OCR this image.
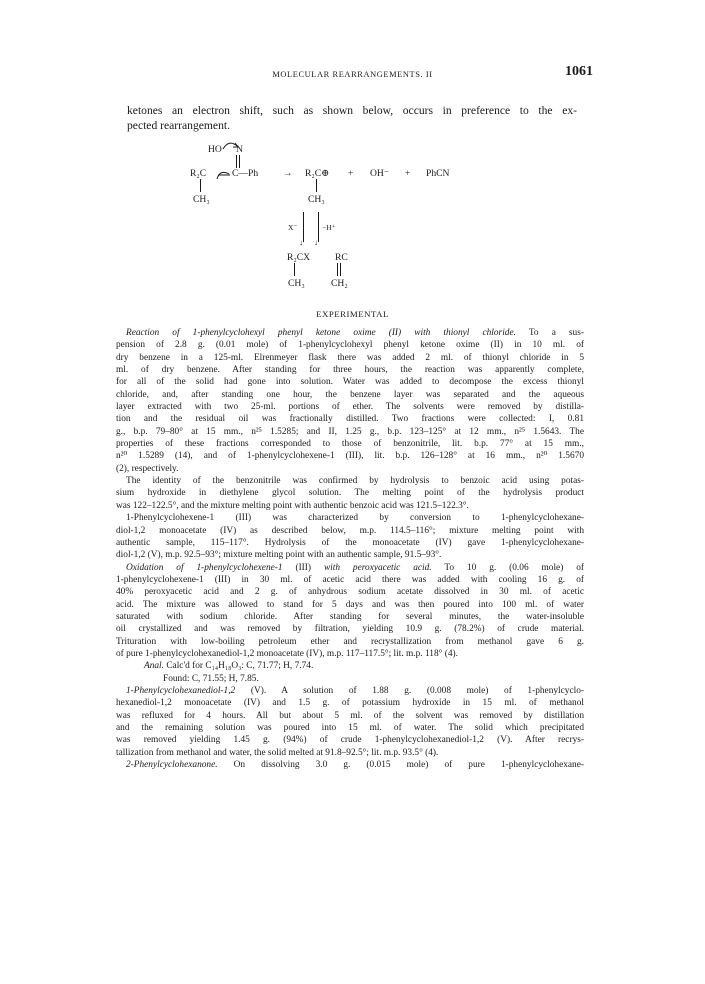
MOLECULAR REARRANGEMENTS. II	1061
ketones an electron shift, such as shown below, occurs in preference to the ex-
pected rearrangement.
HO N
R₂C	C—Ph
CH₃
→ R₂C⊕ + OH⁻ + PhCN
CH₃
X⁻
↓ ↓
−H⁺
R₂CX	RC
CH₃	CH₂
EXPERIMENTAL
Reaction of 1-phenylcyclohexyl phenyl ketone oxime (II) with thionyl chloride. To a sus-
pension of 2.8 g. (0.01 mole) of 1-phenylcyclohexyl phenyl ketone oxime (II) in 10 ml. of
dry benzene in a 125-ml. Elrenmeyer flask there was added 2 ml. of thionyl chloride in 5
ml. of dry benzene. After standing for three hours, the reaction was apparently complete,
for all of the solid had gone into solution. Water was added to decompose the excess thionyl
chloride, and, after standing one hour, the benzene layer was separated and the aqueous
layer extracted with two 25-ml. portions of ether. The solvents were removed by distilla-
tion and the residual oil was fractionally distilled. Two fractions were collected: I, 0.81
g., b.p. 79–80° at 15 mm., n²⁵ 1.5285; and II, 1.25 g., b.p. 123–125° at 12 mm., n²⁵ 1.5643. The
properties of these fractions corresponded to those of benzonitrile, lit. b.p. 77° at 15 mm.,
n²⁰ 1.5289 (14), and of 1-phenylcyclohexene-1 (III), lit. b.p. 126–128° at 16 mm., n²⁰ 1.5670
(2), respectively.
The identity of the benzonitrile was confirmed by hydrolysis to benzoic acid using potas-
sium hydroxide in diethylene glycol solution. The melting point of the hydrolysis product
was 122–122.5°, and the mixture melting point with authentic benzoic acid was 121.5–122.3°.
1-Phenylcyclohexene-1 (III) was characterized by conversion to 1-phenylcyclohexane-
diol-1,2 monoacetate (IV) as described below, m.p. 114.5–116°; mixture melting point with
authentic sample, 115–117°. Hydrolysis of the monoacetate (IV) gave 1-phenylcyclohexane-
diol-1,2 (V), m.p. 92.5–93°; mixture melting point with an authentic sample, 91.5–93°.
Oxidation of 1-phenylcyclohexene-1 (III) with peroxyacetic acid. To 10 g. (0.06 mole) of
1-phenylcyclohexene-1 (III) in 30 ml. of acetic acid there was added with cooling 16 g. of
40% peroxyacetic acid and 2 g. of anhydrous sodium acetate dissolved in 30 ml. of acetic
acid. The mixture was allowed to stand for 5 days and was then poured into 100 ml. of water
saturated with sodium chloride. After standing for several minutes, the water-insoluble
oil crystallized and was removed by filtration, yielding 10.9 g. (78.2%) of crude material.
Trituration with low-boiling petroleum ether and recrystallization from methanol gave 6 g.
of pure 1-phenylcyclohexanediol-1,2 monoacetate (IV), m.p. 117–117.5°; lit. m.p. 118° (4).
Anal. Calc'd for C₁₄H₁₈O₃: C, 71.77; H, 7.74.
Found: C, 71.55; H, 7.85.
1-Phenylcyclohexanediol-1,2 (V). A solution of 1.88 g. (0.008 mole) of 1-phenylcyclo-
hexanediol-1,2 monoacetate (IV) and 1.5 g. of potassium hydroxide in 15 ml. of methanol
was refluxed for 4 hours. All but about 5 ml. of the solvent was removed by distillation
and the remaining solution was poured into 15 ml. of water. The solid which precipitated
was removed yielding 1.45 g. (94%) of crude 1-phenylcyclohexanediol-1,2 (V). After recrys-
tallization from methanol and water, the solid melted at 91.8–92.5°; lit. m.p. 93.5° (4).
2-Phenylcyclohexanone. On dissolving 3.0 g. (0.015 mole) of pure 1-phenylcyclohexane-
